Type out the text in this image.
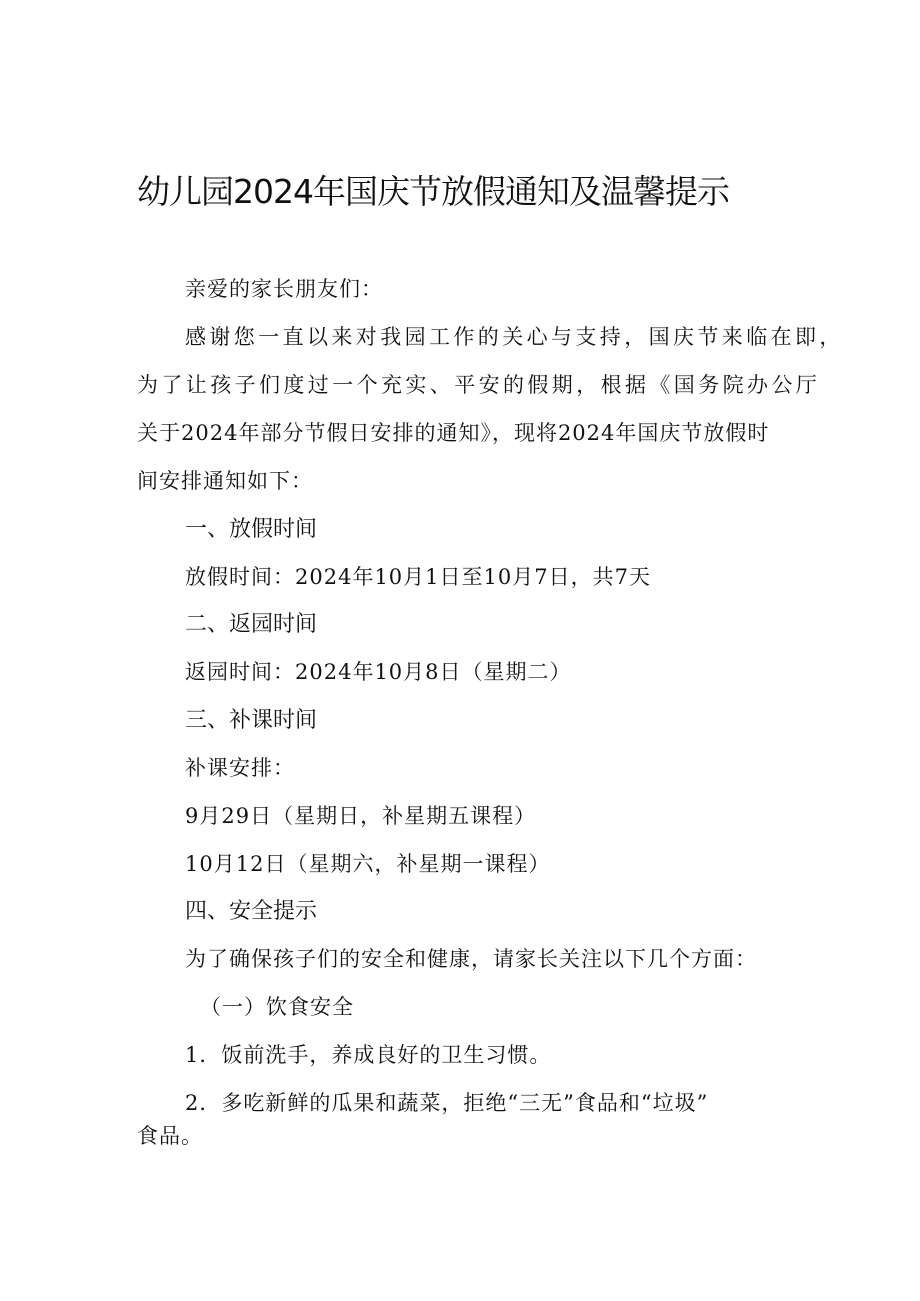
幼儿园2024年国庆节放假通知及温馨提示
亲爱的家长朋友们：
感谢您一直以来对我园工作的关心与支持，国庆节来临在即，
为了让孩子们度过一个充实、平安的假期，根据《国务院办公厅
关于2024年部分节假日安排的通知》，现将2024年国庆节放假时
间安排通知如下：
一、放假时间
放假时间：2024年10月1日至10月7日，共7天
二、返园时间
返园时间：2024年10月8日（星期二）
三、补课时间
补课安排：
9月29日（星期日，补星期五课程）
10月12日（星期六，补星期一课程）
四、安全提示
为了确保孩子们的安全和健康，请家长关注以下几个方面：
（一）饮食安全
1．饭前洗手，养成良好的卫生习惯。
2．多吃新鲜的瓜果和蔬菜，拒绝“三无”食品和“垃圾”
食品。
